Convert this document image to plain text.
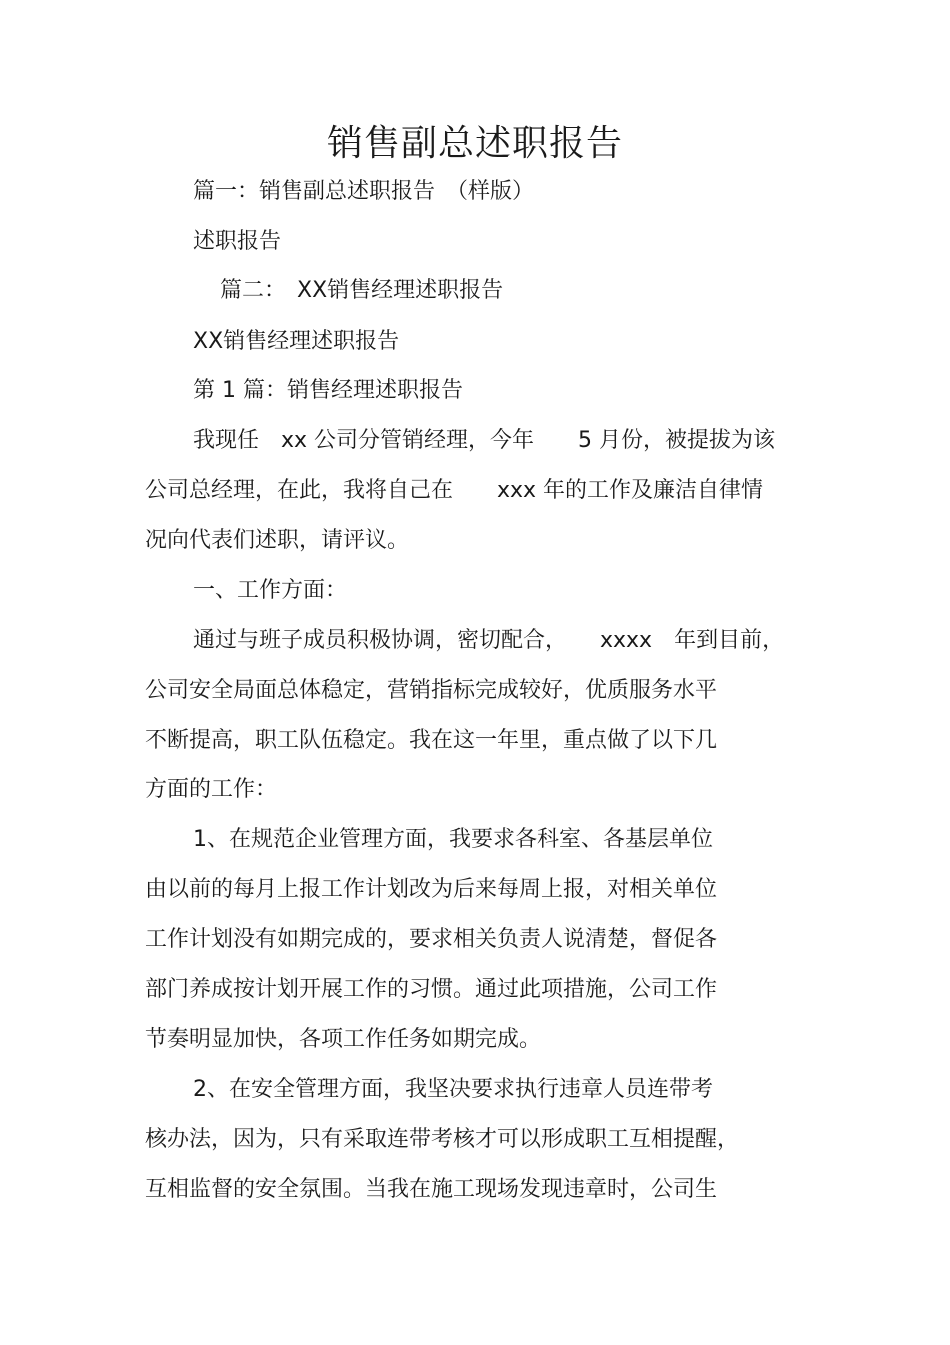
销售副总述职报告

篇一：销售副总述职报告　（样版）

述职报告

篇二：　XX销售经理述职报告

XX销售经理述职报告

第 1 篇：销售经理述职报告

我现任　xx 公司分管销经理，今年　　5 月份，被提拔为该

公司总经理，在此，我将自己在　　xxx 年的工作及廉洁自律情

况向代表们述职，请评议。

一、工作方面：

通过与班子成员积极协调，密切配合，　　xxxx　年到目前，

公司安全局面总体稳定，营销指标完成较好，优质服务水平

不断提高，职工队伍稳定。我在这一年里，重点做了以下几

方面的工作：

1、在规范企业管理方面，我要求各科室、各基层单位

由以前的每月上报工作计划改为后来每周上报，对相关单位

工作计划没有如期完成的，要求相关负责人说清楚，督促各

部门养成按计划开展工作的习惯。通过此项措施，公司工作

节奏明显加快，各项工作任务如期完成。

2、在安全管理方面，我坚决要求执行违章人员连带考

核办法，因为，只有采取连带考核才可以形成职工互相提醒，

互相监督的安全氛围。当我在施工现场发现违章时，公司生
